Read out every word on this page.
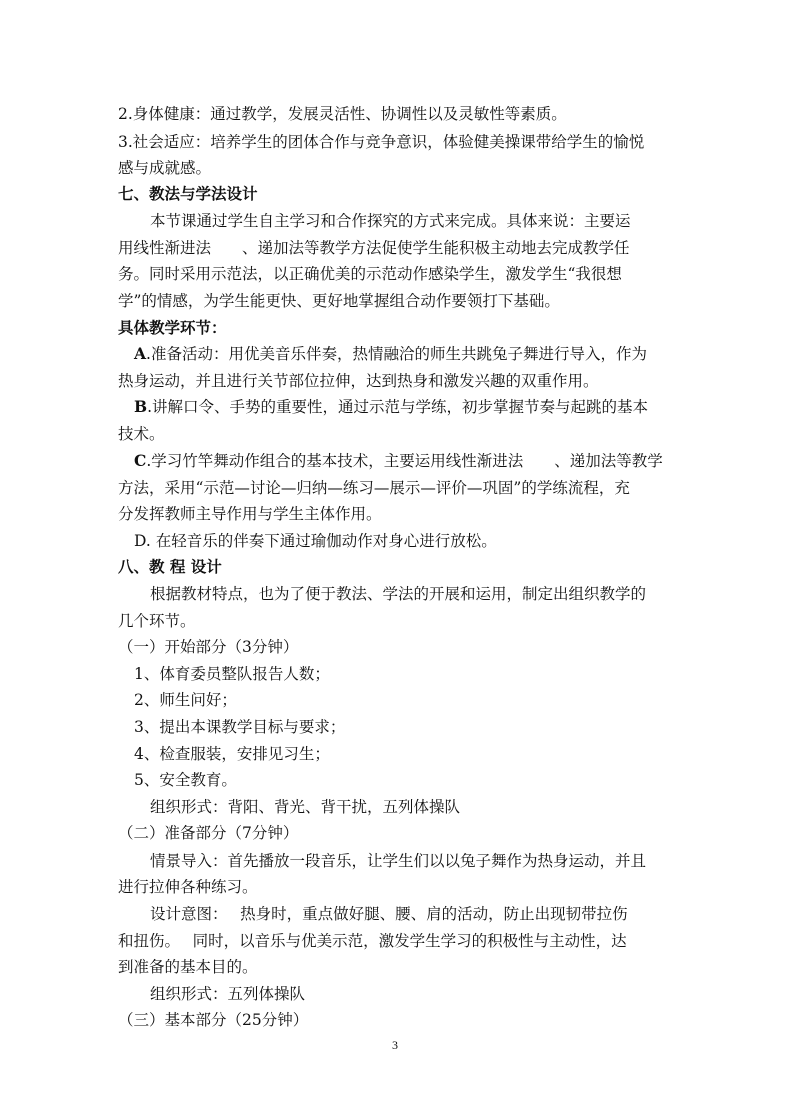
2.身体健康：通过教学，发展灵活性、协调性以及灵敏性等素质。
3.社会适应：培养学生的团体合作与竞争意识，体验健美操课带给学生的愉悦
感与成就感。
七、教法与学法设计
本节课通过学生自主学习和合作探究的方式来完成。具体来说：主要运
用线性渐进法　　、递加法等教学方法促使学生能积极主动地去完成教学任
务。同时采用示范法，以正确优美的示范动作感染学生，激发学生“我很想
学”的情感，为学生能更快、更好地掌握组合动作要领打下基础。
具体教学环节：
A.准备活动：用优美音乐伴奏，热情融洽的师生共跳兔子舞进行导入，作为
热身运动，并且进行关节部位拉伸，达到热身和激发兴趣的双重作用。
B.讲解口令、手势的重要性，通过示范与学练，初步掌握节奏与起跳的基本
技术。
C.学习竹竿舞动作组合的基本技术，主要运用线性渐进法　　、递加法等教学
方法，采用“示范—讨论—归纳—练习—展示—评价—巩固”的学练流程，充
分发挥教师主导作用与学生主体作用。
D. 在轻音乐的伴奏下通过瑜伽动作对身心进行放松。
八、教 程 设计
根据教材特点，也为了便于教法、学法的开展和运用，制定出组织教学的
几个环节。
（一）开始部分（3分钟）
1、体育委员整队报告人数；
2、师生问好；
3、提出本课教学目标与要求；
4、检查服装，安排见习生；
5、安全教育。
组织形式：背阳、背光、背干扰，五列体操队
（二）准备部分（7分钟）
情景导入：首先播放一段音乐，让学生们以以兔子舞作为热身运动，并且
进行拉伸各种练习。
设计意图：　 热身时，重点做好腿、腰、肩的活动，防止出现韧带拉伤
和扭伤。　 同时，以音乐与优美示范，激发学生学习的积极性与主动性，达
到准备的基本目的。
组织形式：五列体操队
（三）基本部分（25分钟）
3
